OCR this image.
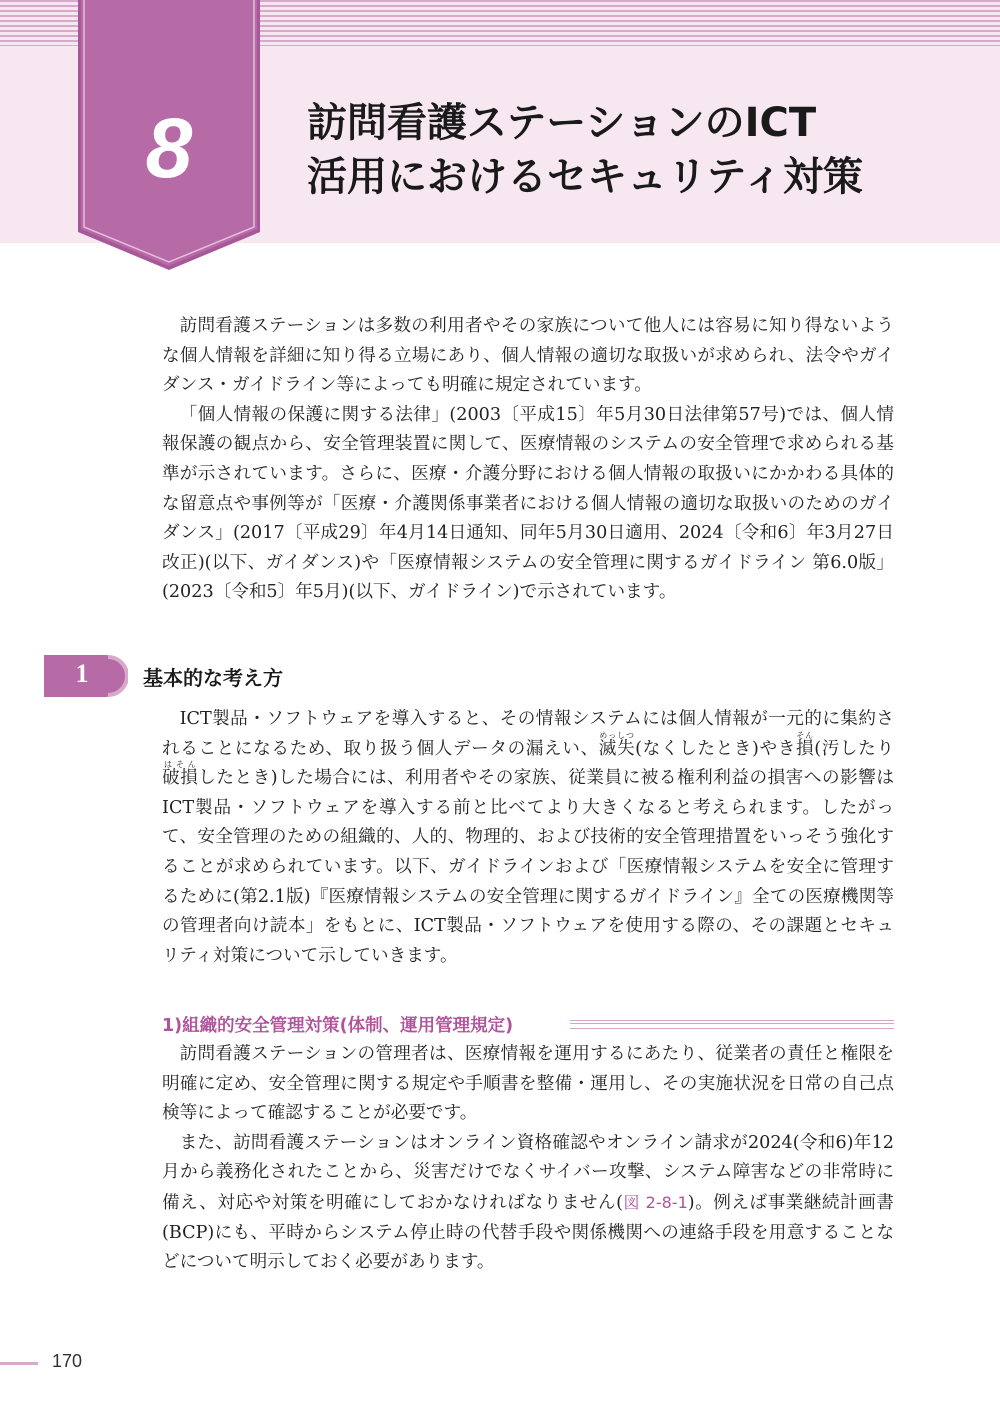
8	訪問看護ステーションのICT
活用におけるセキュリティ対策

訪問看護ステーションは多数の利用者やその家族について他人には容易に知り得ないような個人情報を詳細に知り得る立場にあり、個人情報の適切な取扱いが求められ、法令やガイダンス・ガイドライン等によっても明確に規定されています。

「個人情報の保護に関する法律」(2003〔平成15〕年5月30日法律第57号)では、個人情報保護の観点から、安全管理装置に関して、医療情報のシステムの安全管理で求められる基準が示されています。さらに、医療・介護分野における個人情報の取扱いにかかわる具体的な留意点や事例等が「医療・介護関係事業者における個人情報の適切な取扱いのためのガイダンス」(2017〔平成29〕年4月14日通知、同年5月30日適用、2024〔令和6〕年3月27日改正)(以下、ガイダンス)や「医療情報システムの安全管理に関するガイドライン 第6.0版」(2023〔令和5〕年5月)(以下、ガイドライン)で示されています。

1	基本的な考え方

ICT製品・ソフトウェアを導入すると、その情報システムには個人情報が一元的に集約されることになるため、取り扱う個人データの漏えい、滅失めっしつ(なくしたとき)やき損そん(汚したり破損はそんしたとき)した場合には、利用者やその家族、従業員に被る権利利益の損害への影響はICT製品・ソフトウェアを導入する前と比べてより大きくなると考えられます。したがって、安全管理のための組織的、人的、物理的、および技術的安全管理措置をいっそう強化することが求められています。以下、ガイドラインおよび「医療情報システムを安全に管理するために(第2.1版)『医療情報システムの安全管理に関するガイドライン』全ての医療機関等の管理者向け読本」をもとに、ICT製品・ソフトウェアを使用する際の、その課題とセキュリティ対策について示していきます。

1)組織的安全管理対策(体制、運用管理規定)

訪問看護ステーションの管理者は、医療情報を運用するにあたり、従業者の責任と権限を明確に定め、安全管理に関する規定や手順書を整備・運用し、その実施状況を日常の自己点検等によって確認することが必要です。

また、訪問看護ステーションはオンライン資格確認やオンライン請求が2024(令和6)年12月から義務化されたことから、災害だけでなくサイバー攻撃、システム障害などの非常時に備え、対応や対策を明確にしておかなければなりません(図 2-8-1)。例えば事業継続計画書(BCP)にも、平時からシステム停止時の代替手段や関係機関への連絡手段を用意することなどについて明示しておく必要があります。

170
